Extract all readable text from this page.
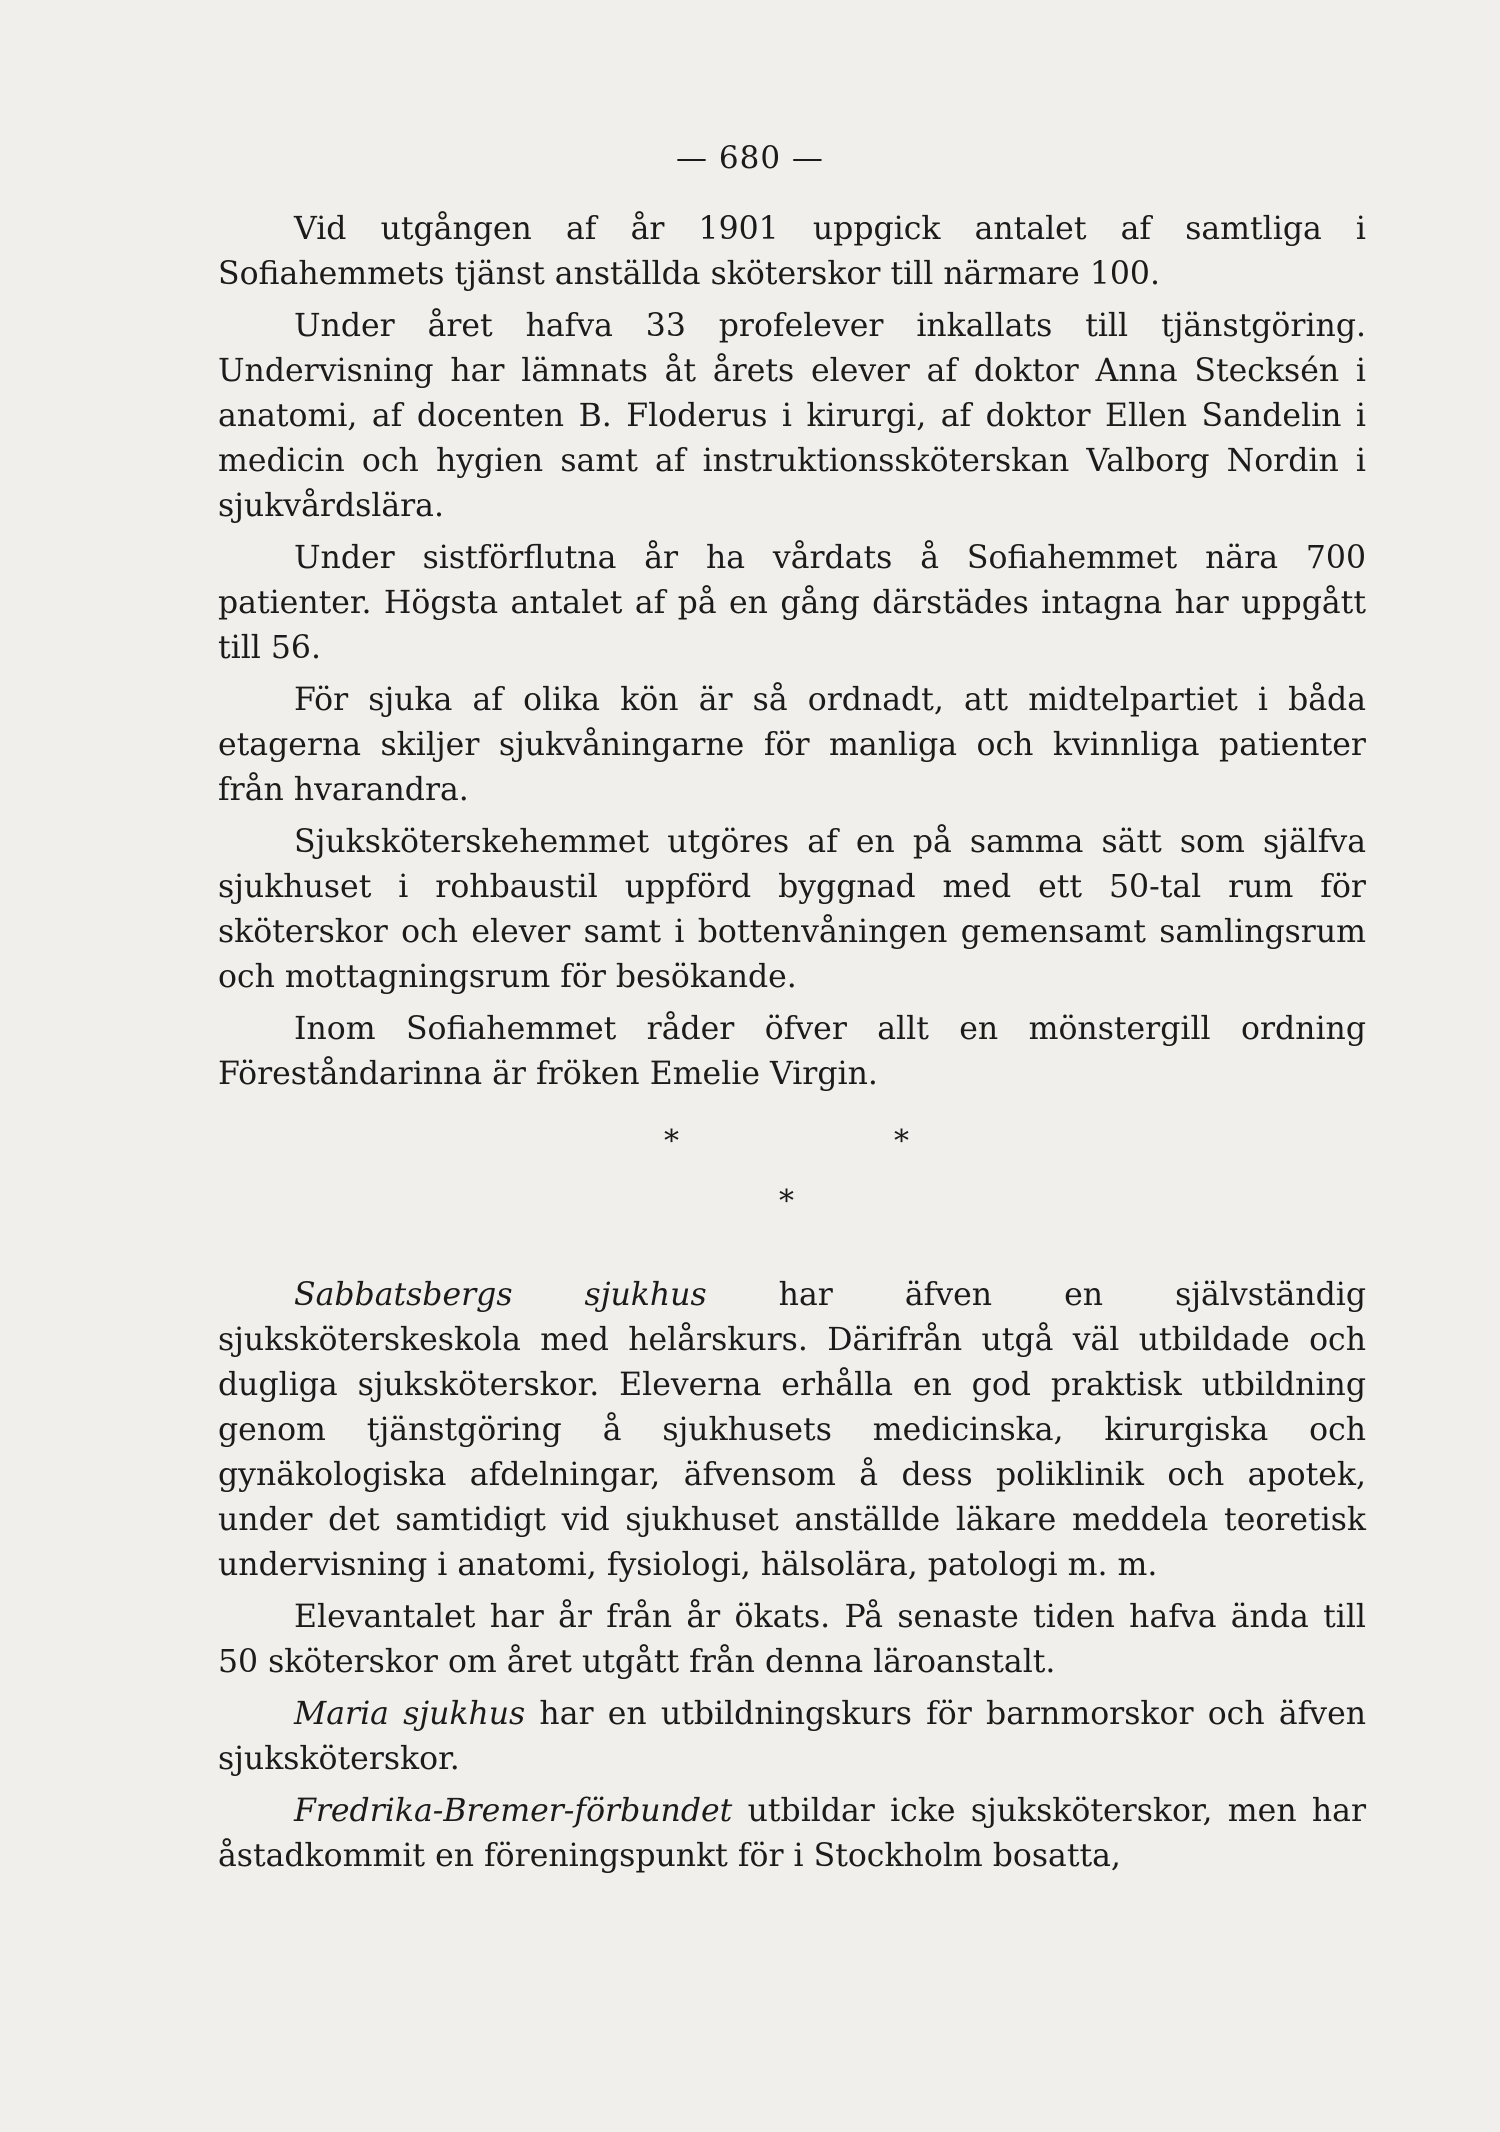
— 680 —

Vid utgången af år 1901 uppgick antalet af samtliga i Sofiahemmets tjänst anställda sköterskor till närmare 100.

Under året hafva 33 profelever inkallats till tjänstgöring. Undervisning har lämnats åt årets elever af doktor Anna Stecksén i anatomi, af docenten B. Floderus i kirurgi, af doktor Ellen Sandelin i medicin och hygien samt af instruktionssköterskan Valborg Nordin i sjukvårdslära.

Under sistförflutna år ha vårdats å Sofiahemmet nära 700 patienter. Högsta antalet af på en gång därstädes intagna har uppgått till 56.

För sjuka af olika kön är så ordnadt, att midtelpartiet i båda etagerna skiljer sjukvåningarne för manliga och kvinnliga patienter från hvarandra.

Sjuksköterskehemmet utgöres af en på samma sätt som själfva sjukhuset i rohbaustil uppförd byggnad med ett 50-tal rum för sköterskor och elever samt i bottenvåningen gemensamt samlingsrum och mottagningsrum för besökande.

Inom Sofiahemmet råder öfver allt en mönstergill ordning Föreståndarinna är fröken Emelie Virgin.

*	*
*

Sabbatsbergs sjukhus har äfven en självständig sjuksköterskeskola med helårskurs. Därifrån utgå väl utbildade och dugliga sjuksköterskor. Eleverna erhålla en god praktisk utbildning genom tjänstgöring å sjukhusets medicinska, kirurgiska och gynäkologiska afdelningar, äfvensom å dess poliklinik och apotek, under det samtidigt vid sjukhuset anställde läkare meddela teoretisk undervisning i anatomi, fysiologi, hälsolära, patologi m. m.

Elevantalet har år från år ökats. På senaste tiden hafva ända till 50 sköterskor om året utgått från denna läroanstalt.

Maria sjukhus har en utbildningskurs för barnmorskor och äfven sjuksköterskor.

Fredrika-Bremer-förbundet utbildar icke sjuksköterskor, men har åstadkommit en föreningspunkt för i Stockholm bosatta,
